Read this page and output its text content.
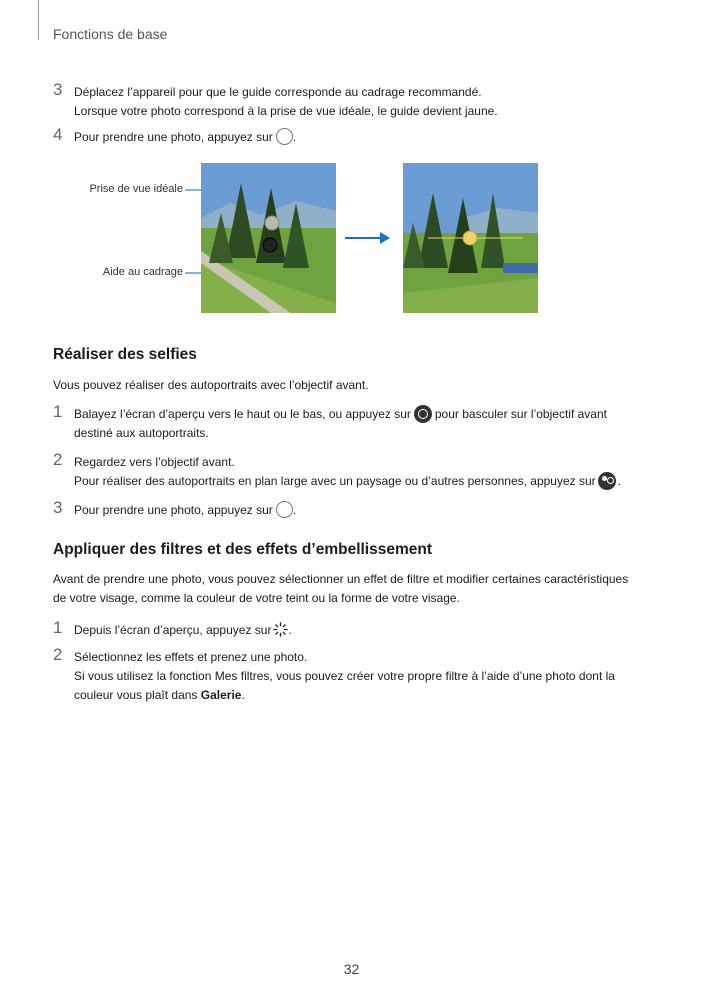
Fonctions de base
3 Déplacez l’appareil pour que le guide corresponde au cadrage recommandé.
Lorsque votre photo correspond à la prise de vue idéale, le guide devient jaune.
4 Pour prendre une photo, appuyez sur .
Prise de vue idéale
Aide au cadrage
Réaliser des selfies
Vous pouvez réaliser des autoportraits avec l’objectif avant.
1 Balayez l’écran d’aperçu vers le haut ou le bas, ou appuyez sur pour basculer sur l’objectif avant
destiné aux autoportraits.
2 Regardez vers l’objectif avant.
Pour réaliser des autoportraits en plan large avec un paysage ou d’autres personnes, appuyez sur .
3 Pour prendre une photo, appuyez sur .
Appliquer des filtres et des effets d’embellissement
Avant de prendre une photo, vous pouvez sélectionner un effet de filtre et modifier certaines caractéristiques
de votre visage, comme la couleur de votre teint ou la forme de votre visage.
1 Depuis l’écran d’aperçu, appuyez sur .
2 Sélectionnez les effets et prenez une photo.
Si vous utilisez la fonction Mes filtres, vous pouvez créer votre propre filtre à l’aide d’une photo dont la
couleur vous plaît dans Galerie.
32
